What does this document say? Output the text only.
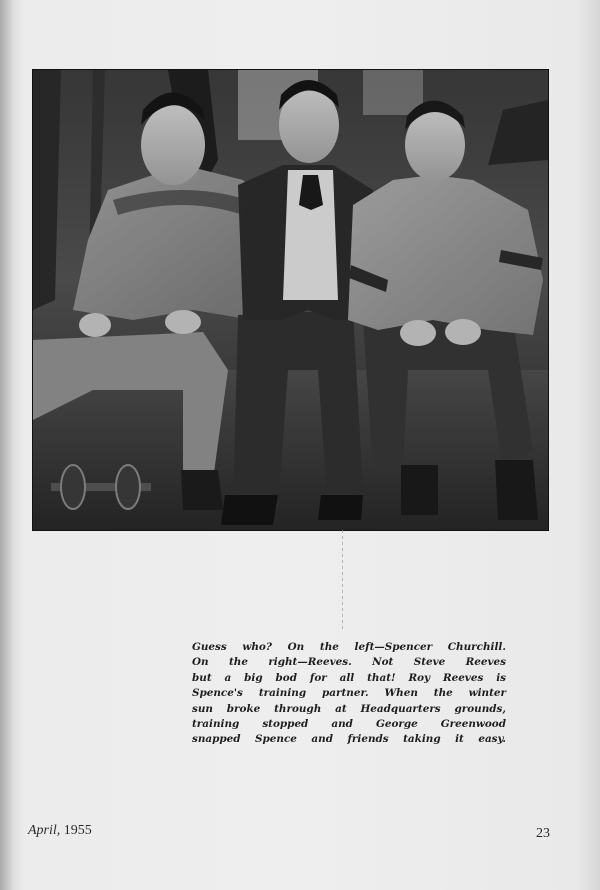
Guess who? On the left—Spencer Churchill.
On the right—Reeves. Not Steve Reeves
but a big bod for all that! Roy Reeves is
Spence's training partner. When the winter
sun broke through at Headquarters grounds,
training stopped and George Greenwood
snapped Spence and friends taking it easy.
April, 1955	23
